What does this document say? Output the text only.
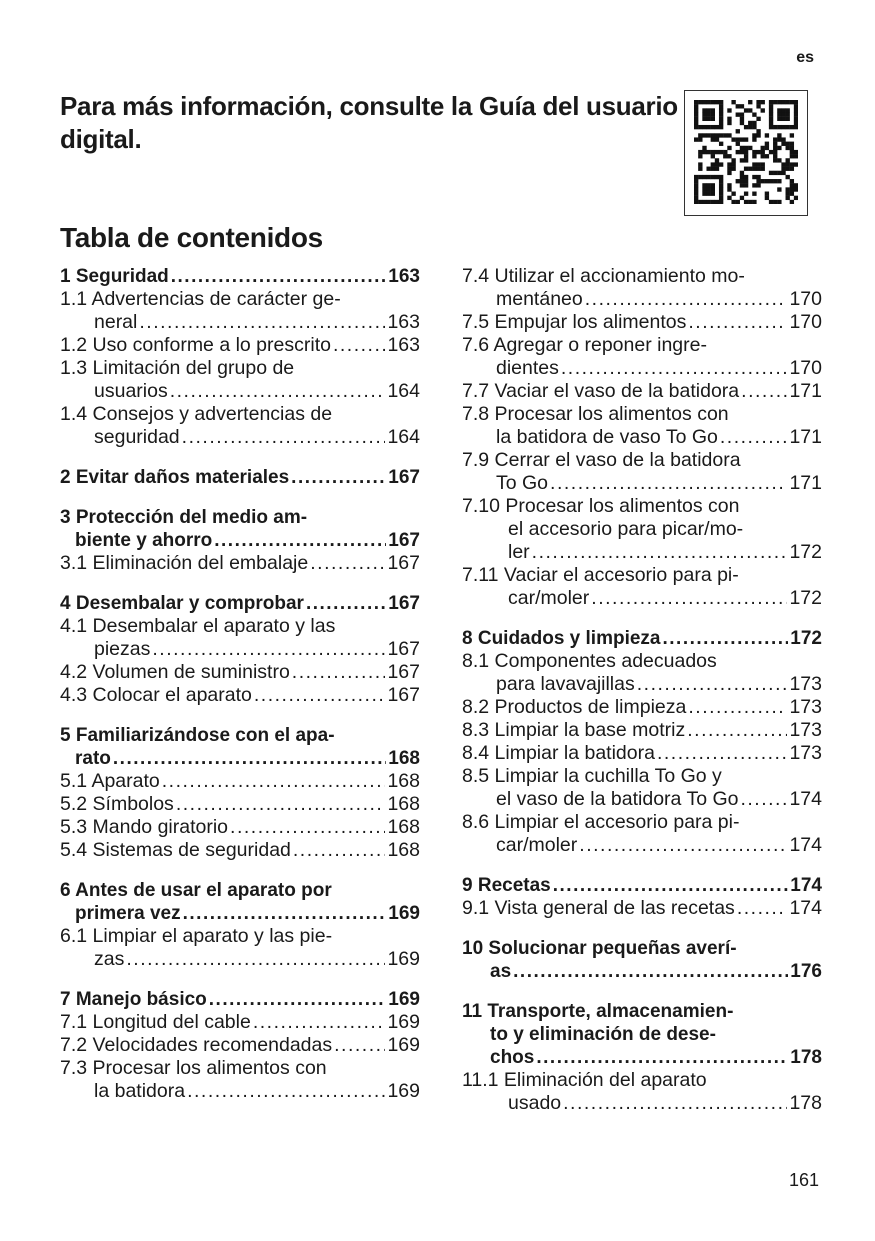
es
Para más información, consulte la Guía del usuario digital.
Tabla de contenidos
1 Seguridad .....	163
1.1 Advertencias de carácter ge-
neral .....	163
1.2 Uso conforme a lo prescrito .....	163
1.3 Limitación del grupo de
usuarios .....	164
1.4 Consejos y advertencias de
seguridad .....	164
2 Evitar daños materiales .....	167
3 Protección del medio am-
biente y ahorro .....	167
3.1 Eliminación del embalaje .....	167
4 Desembalar y comprobar .....	167
4.1 Desembalar el aparato y las
piezas .....	167
4.2 Volumen de suministro .....	167
4.3 Colocar el aparato .....	167
5 Familiarizándose con el apa-
rato .....	168
5.1 Aparato .....	168
5.2 Símbolos .....	168
5.3 Mando giratorio .....	168
5.4 Sistemas de seguridad .....	168
6 Antes de usar el aparato por
primera vez .....	169
6.1 Limpiar el aparato y las pie-
zas .....	169
7 Manejo básico .....	169
7.1 Longitud del cable .....	169
7.2 Velocidades recomendadas .....	169
7.3 Procesar los alimentos con
la batidora .....	169
7.4 Utilizar el accionamiento mo-
mentáneo .....	170
7.5 Empujar los alimentos .....	170
7.6 Agregar o reponer ingre-
dientes .....	170
7.7 Vaciar el vaso de la batidora .....	171
7.8 Procesar los alimentos con
la batidora de vaso To Go .....	171
7.9 Cerrar el vaso de la batidora
To Go .....	171
7.10 Procesar los alimentos con
el accesorio para picar/mo-
ler .....	172
7.11 Vaciar el accesorio para pi-
car/moler .....	172
8 Cuidados y limpieza .....	172
8.1 Componentes adecuados
para lavavajillas .....	173
8.2 Productos de limpieza .....	173
8.3 Limpiar la base motriz .....	173
8.4 Limpiar la batidora .....	173
8.5 Limpiar la cuchilla To Go y
el vaso de la batidora To Go .....	174
8.6 Limpiar el accesorio para pi-
car/moler .....	174
9 Recetas .....	174
9.1 Vista general de las recetas .....	174
10 Solucionar pequeñas averí-
as .....	176
11 Transporte, almacenamien-
to y eliminación de dese-
chos .....	178
11.1 Eliminación del aparato
usado .....	178
161
